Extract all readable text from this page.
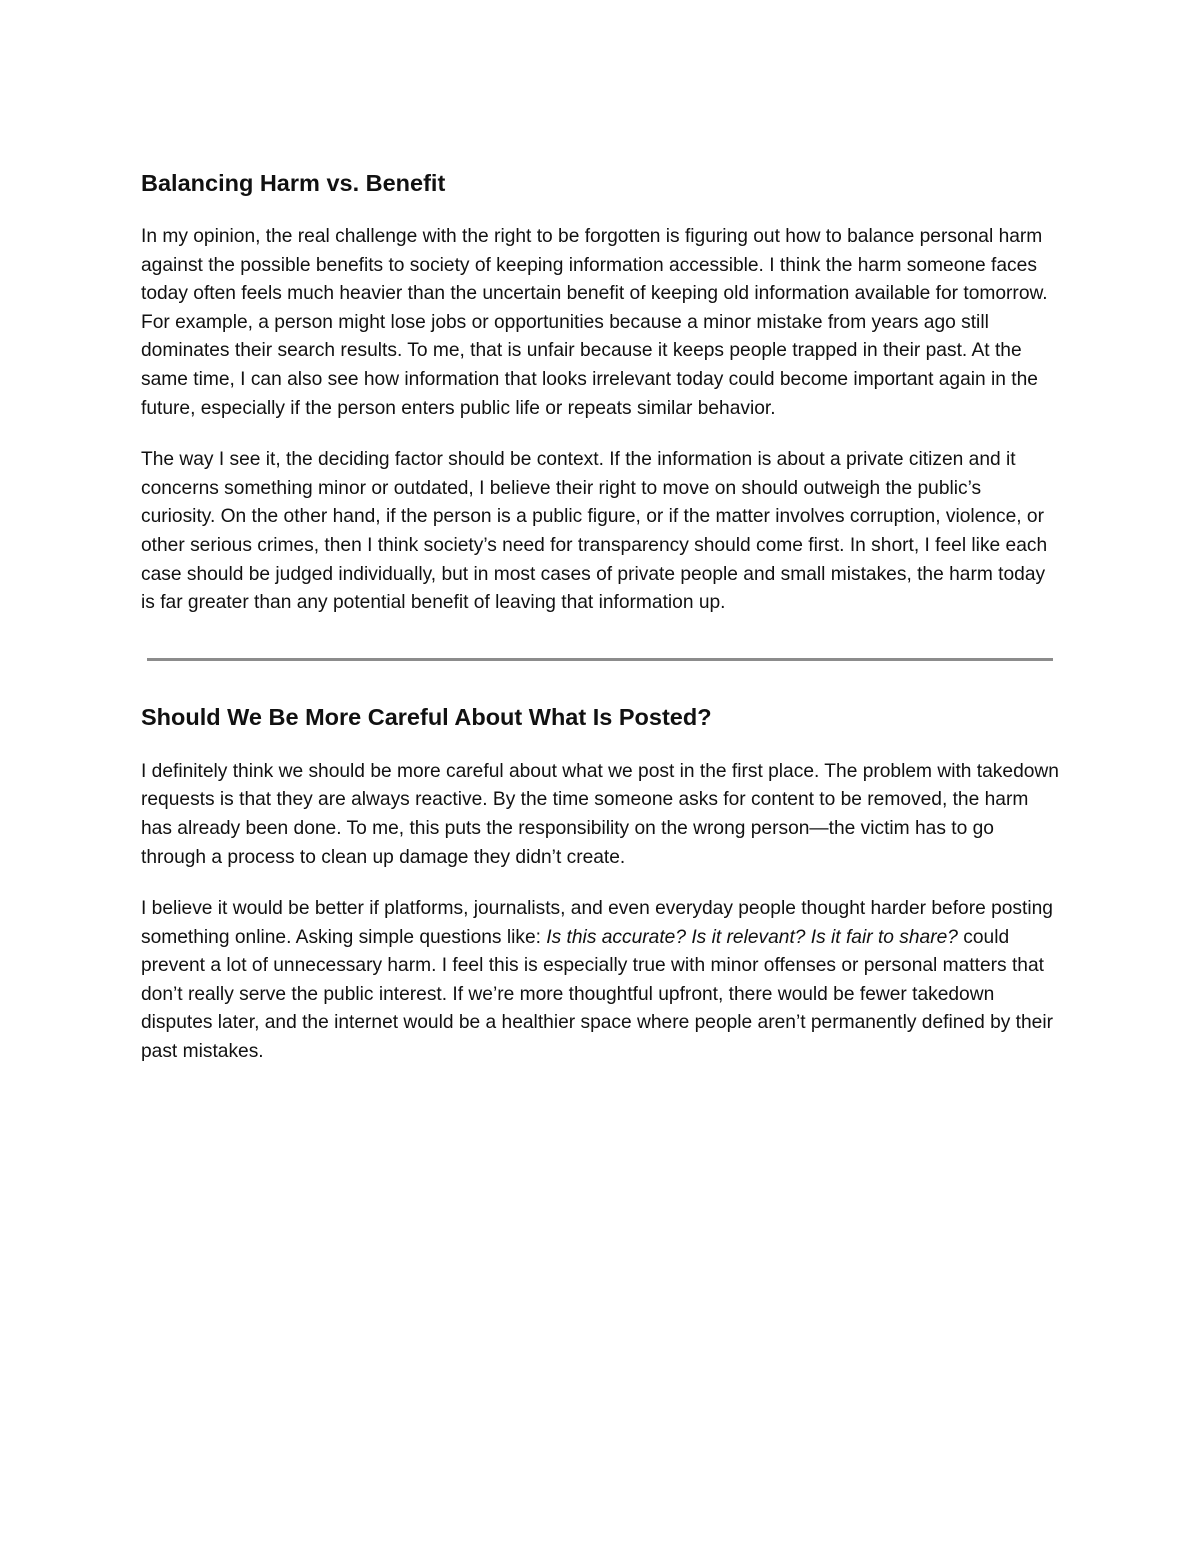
Balancing Harm vs. Benefit

In my opinion, the real challenge with the right to be forgotten is figuring out how to balance personal harm against the possible benefits to society of keeping information accessible. I think the harm someone faces today often feels much heavier than the uncertain benefit of keeping old information available for tomorrow. For example, a person might lose jobs or opportunities because a minor mistake from years ago still dominates their search results. To me, that is unfair because it keeps people trapped in their past. At the same time, I can also see how information that looks irrelevant today could become important again in the future, especially if the person enters public life or repeats similar behavior.

The way I see it, the deciding factor should be context. If the information is about a private citizen and it concerns something minor or outdated, I believe their right to move on should outweigh the public’s curiosity. On the other hand, if the person is a public figure, or if the matter involves corruption, violence, or other serious crimes, then I think society’s need for transparency should come first. In short, I feel like each case should be judged individually, but in most cases of private people and small mistakes, the harm today is far greater than any potential benefit of leaving that information up.

Should We Be More Careful About What Is Posted?

I definitely think we should be more careful about what we post in the first place. The problem with takedown requests is that they are always reactive. By the time someone asks for content to be removed, the harm has already been done. To me, this puts the responsibility on the wrong person—the victim has to go through a process to clean up damage they didn’t create.

I believe it would be better if platforms, journalists, and even everyday people thought harder before posting something online. Asking simple questions like: Is this accurate? Is it relevant? Is it fair to share? could prevent a lot of unnecessary harm. I feel this is especially true with minor offenses or personal matters that don’t really serve the public interest. If we’re more thoughtful upfront, there would be fewer takedown disputes later, and the internet would be a healthier space where people aren’t permanently defined by their past mistakes.
